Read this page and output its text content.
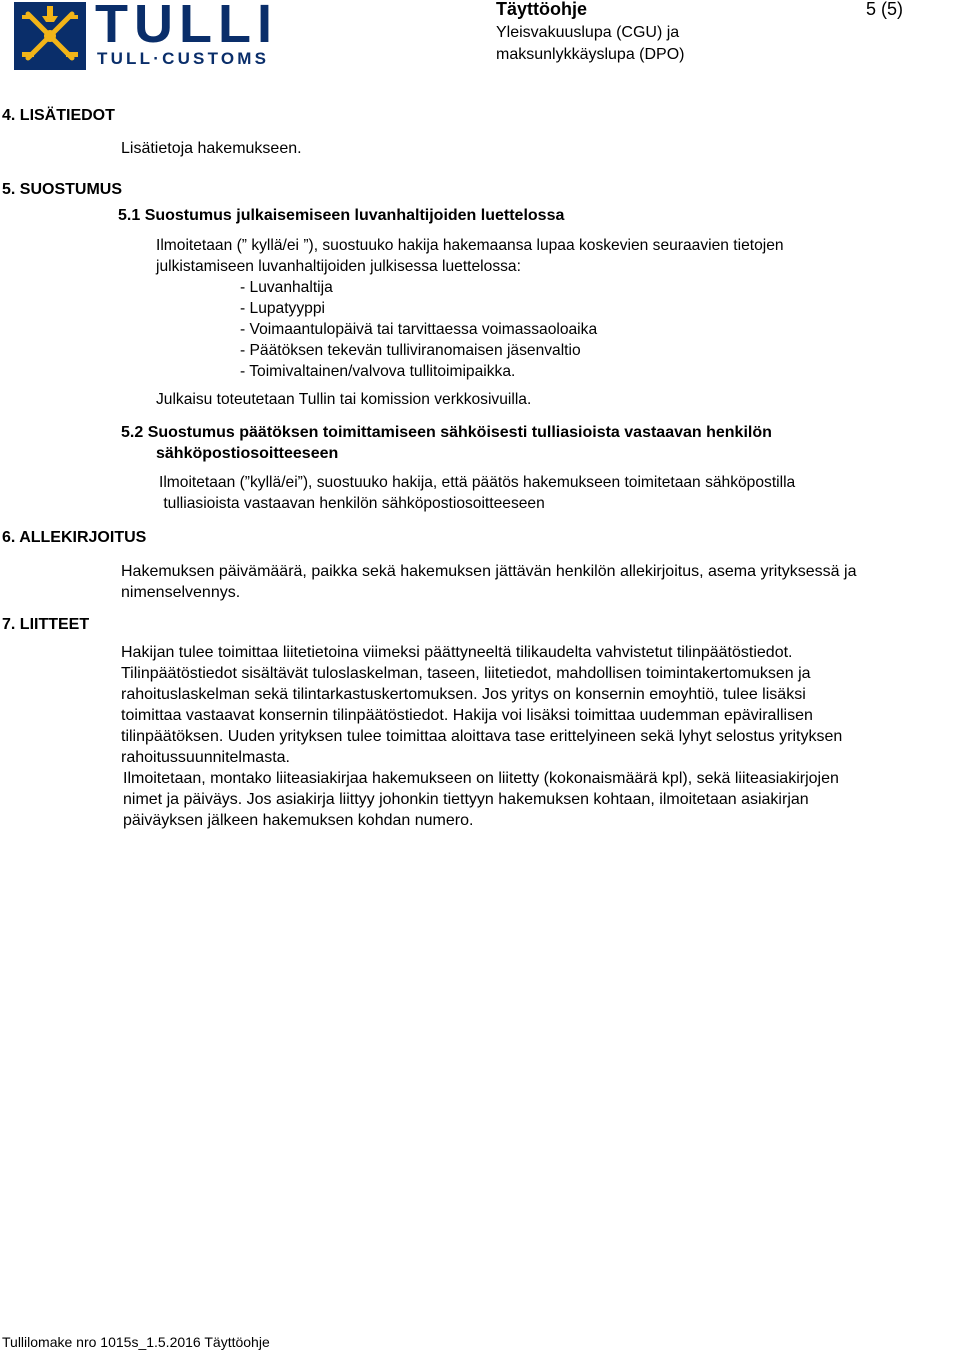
TULLI
TULL·CUSTOMS
Täyttöohje	5 (5)
Yleisvakuuslupa (CGU) ja
maksunlykkäyslupa (DPO)
4. LISÄTIEDOT
5. SUOSTUMUS
6. ALLEKIRJOITUS
7. LIITTEET
Lisätietoja hakemukseen.
5.1 Suostumus julkaisemiseen luvanhaltijoiden luettelossa
Ilmoitetaan (” kyllä/ei ”), suostuuko hakija hakemaansa lupaa koskevien seuraavien tietojen
julkistamiseen luvanhaltijoiden julkisessa luettelossa:
- Luvanhaltija
- Lupatyyppi
- Voimaantulopäivä tai tarvittaessa voimassaoloaika
- Päätöksen tekevän tulliviranomaisen jäsenvaltio
- Toimivaltainen/valvova tullitoimipaikka.
Julkaisu toteutetaan Tullin tai komission verkkosivuilla.
5.2 Suostumus päätöksen toimittamiseen sähköisesti tulliasioista vastaavan henkilön
sähköpostiosoitteeseen
Ilmoitetaan (”kyllä/ei”), suostuuko hakija, että päätös hakemukseen toimitetaan sähköpostilla
tulliasioista vastaavan henkilön sähköpostiosoitteeseen
Hakemuksen päivämäärä, paikka sekä hakemuksen jättävän henkilön allekirjoitus, asema yrityksessä ja
nimenselvennys.
Hakijan tulee toimittaa liitetietoina viimeksi päättyneeltä tilikaudelta vahvistetut tilinpäätöstiedot.
Tilinpäätöstiedot sisältävät tuloslaskelman, taseen, liitetiedot, mahdollisen toimintakertomuksen ja
rahoituslaskelman sekä tilintarkastuskertomuksen. Jos yritys on konsernin emoyhtiö, tulee lisäksi
toimittaa vastaavat konsernin tilinpäätöstiedot. Hakija voi lisäksi toimittaa uudemman epävirallisen
tilinpäätöksen. Uuden yrityksen tulee toimittaa aloittava tase erittelyineen sekä lyhyt selostus yrityksen
rahoitussuunnitelmasta.
Ilmoitetaan, montako liiteasiakirjaa hakemukseen on liitetty (kokonaismäärä kpl), sekä liiteasiakirjojen
nimet ja päiväys. Jos asiakirja liittyy johonkin tiettyyn hakemuksen kohtaan, ilmoitetaan asiakirjan
päiväyksen jälkeen hakemuksen kohdan numero.
Tullilomake nro 1015s_1.5.2016 Täyttöohje
